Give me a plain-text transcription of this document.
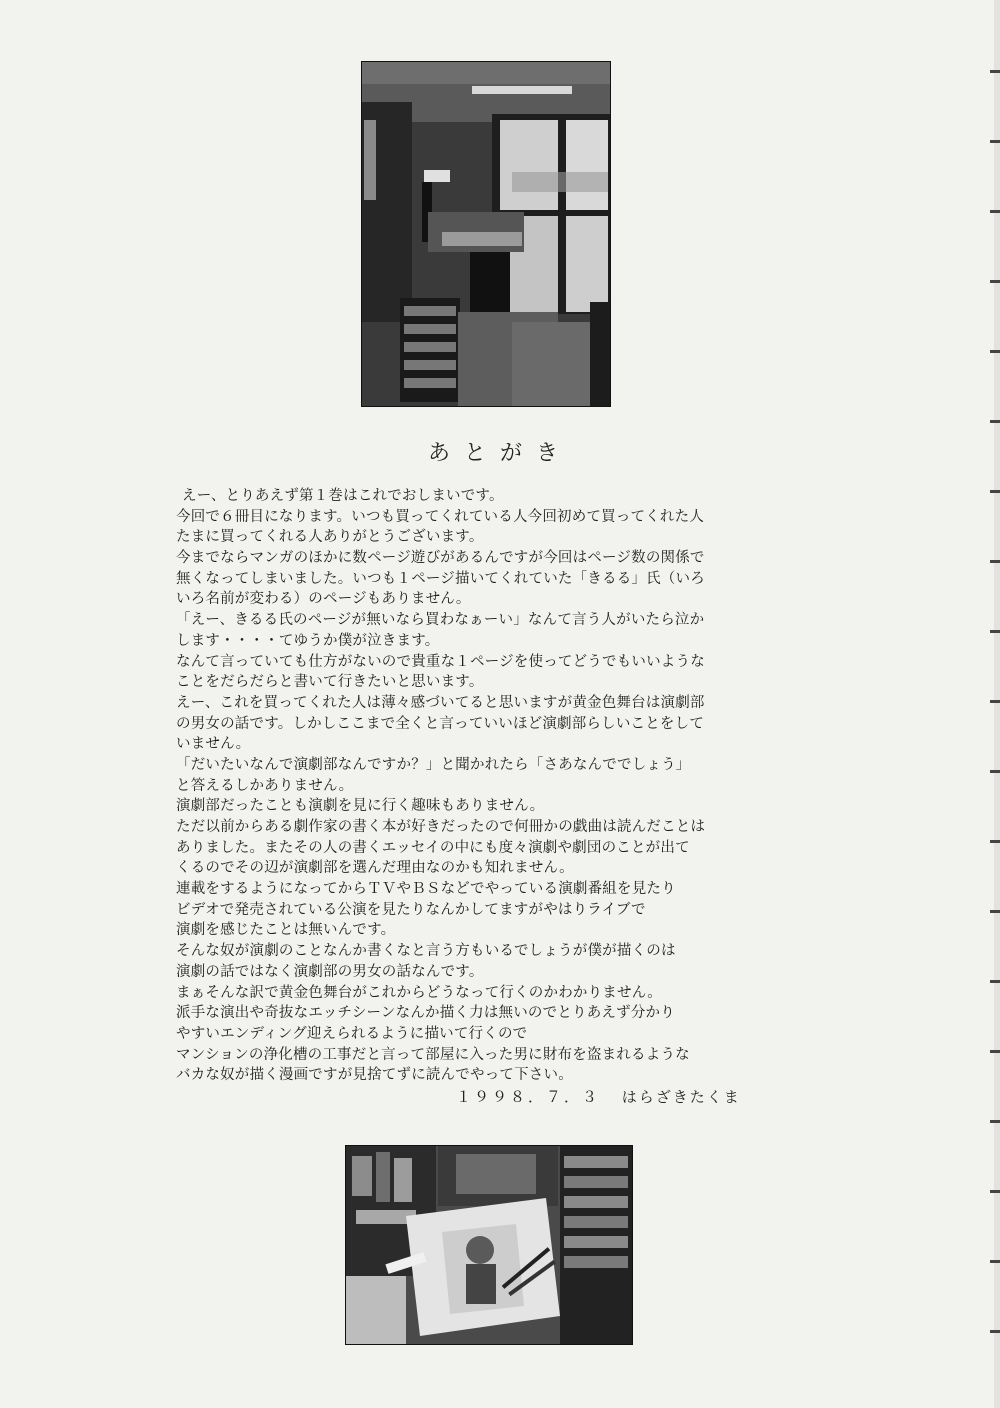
あとがき
えー、とりあえず第１巻はこれでおしまいです。
今回で６冊目になります。いつも買ってくれている人今回初めて買ってくれた人
たまに買ってくれる人ありがとうございます。
今までならマンガのほかに数ページ遊びがあるんですが今回はページ数の関係で
無くなってしまいました。いつも１ページ描いてくれていた「きるる」氏（いろ
いろ名前が変わる）のページもありません。
「えー、きるる氏のページが無いなら買わなぁーい」なんて言う人がいたら泣か
します・・・・てゆうか僕が泣きます。
なんて言っていても仕方がないので貴重な１ページを使ってどうでもいいような
ことをだらだらと書いて行きたいと思います。
えー、これを買ってくれた人は薄々感づいてると思いますが黄金色舞台は演劇部
の男女の話です。しかしここまで全くと言っていいほど演劇部らしいことをして
いません。
「だいたいなんで演劇部なんですか？」と聞かれたら「さあなんででしょう」
と答えるしかありません。
演劇部だったことも演劇を見に行く趣味もありません。
ただ以前からある劇作家の書く本が好きだったので何冊かの戯曲は読んだことは
ありました。またその人の書くエッセイの中にも度々演劇や劇団のことが出て
くるのでその辺が演劇部を選んだ理由なのかも知れません。
連載をするようになってからＴＶやＢＳなどでやっている演劇番組を見たり
ビデオで発売されている公演を見たりなんかしてますがやはりライブで
演劇を感じたことは無いんです。
そんな奴が演劇のことなんか書くなと言う方もいるでしょうが僕が描くのは
演劇の話ではなく演劇部の男女の話なんです。
まぁそんな訳で黄金色舞台がこれからどうなって行くのかわかりません。
派手な演出や奇抜なエッチシーンなんか描く力は無いのでとりあえず分かり
やすいエンディング迎えられるように描いて行くので
マンションの浄化槽の工事だと言って部屋に入った男に財布を盗まれるような
バカな奴が描く漫画ですが見捨てずに読んでやって下さい。
１９９８．７．３ はらざきたくま
